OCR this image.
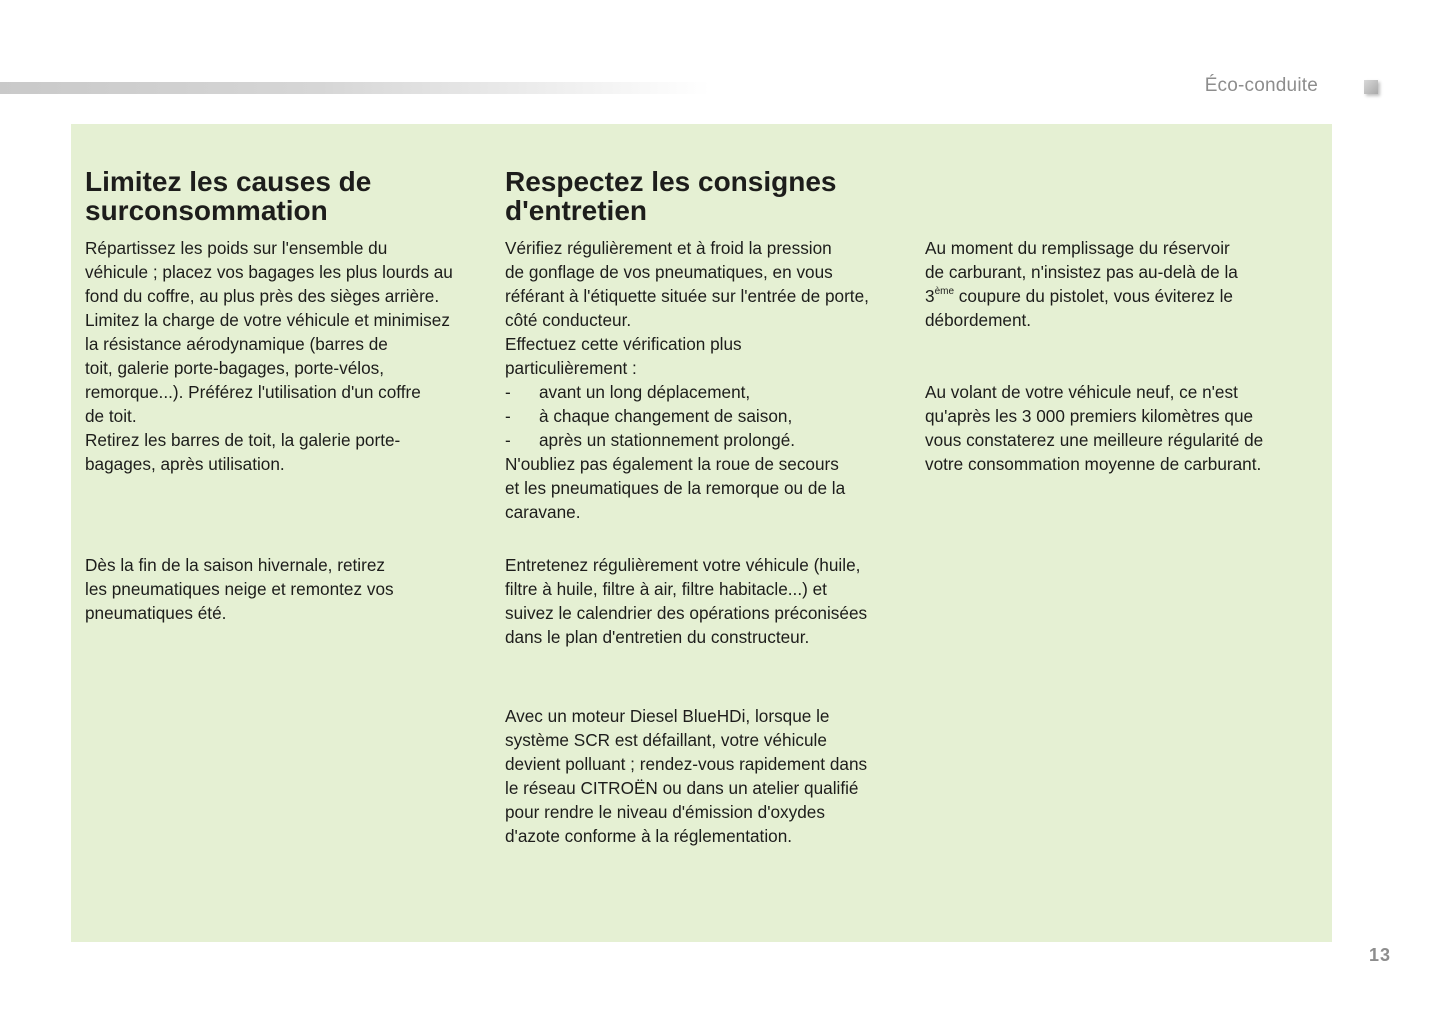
Éco-conduite
Limitez les causes de
surconsommation

Répartissez les poids sur l'ensemble du
véhicule ; placez vos bagages les plus lourds au
fond du coffre, au plus près des sièges arrière.
Limitez la charge de votre véhicule et minimisez
la résistance aérodynamique (barres de
toit, galerie porte-bagages, porte-vélos,
remorque...). Préférez l'utilisation d'un coffre
de toit.
Retirez les barres de toit, la galerie porte-
bagages, après utilisation.

Dès la fin de la saison hivernale, retirez
les pneumatiques neige et remontez vos
pneumatiques été.

Respectez les consignes
d'entretien
Vérifiez régulièrement et à froid la pression
de gonflage de vos pneumatiques, en vous
référant à l'étiquette située sur l'entrée de porte,
côté conducteur.
Effectuez cette vérification plus
particulièrement :
- avant un long déplacement,
- à chaque changement de saison,
- après un stationnement prolongé.
N'oubliez pas également la roue de secours
et les pneumatiques de la remorque ou de la
caravane.

Entretenez régulièrement votre véhicule (huile,
filtre à huile, filtre à air, filtre habitacle...) et
suivez le calendrier des opérations préconisées
dans le plan d'entretien du constructeur.

Avec un moteur Diesel BlueHDi, lorsque le
système SCR est défaillant, votre véhicule
devient polluant ; rendez-vous rapidement dans
le réseau CITROËN ou dans un atelier qualifié
pour rendre le niveau d'émission d'oxydes
d'azote conforme à la réglementation.

Au moment du remplissage du réservoir
de carburant, n'insistez pas au-delà de la
3ème coupure du pistolet, vous éviterez le
débordement.

Au volant de votre véhicule neuf, ce n'est
qu'après les 3 000 premiers kilomètres que
vous constaterez une meilleure régularité de
votre consommation moyenne de carburant.

13
